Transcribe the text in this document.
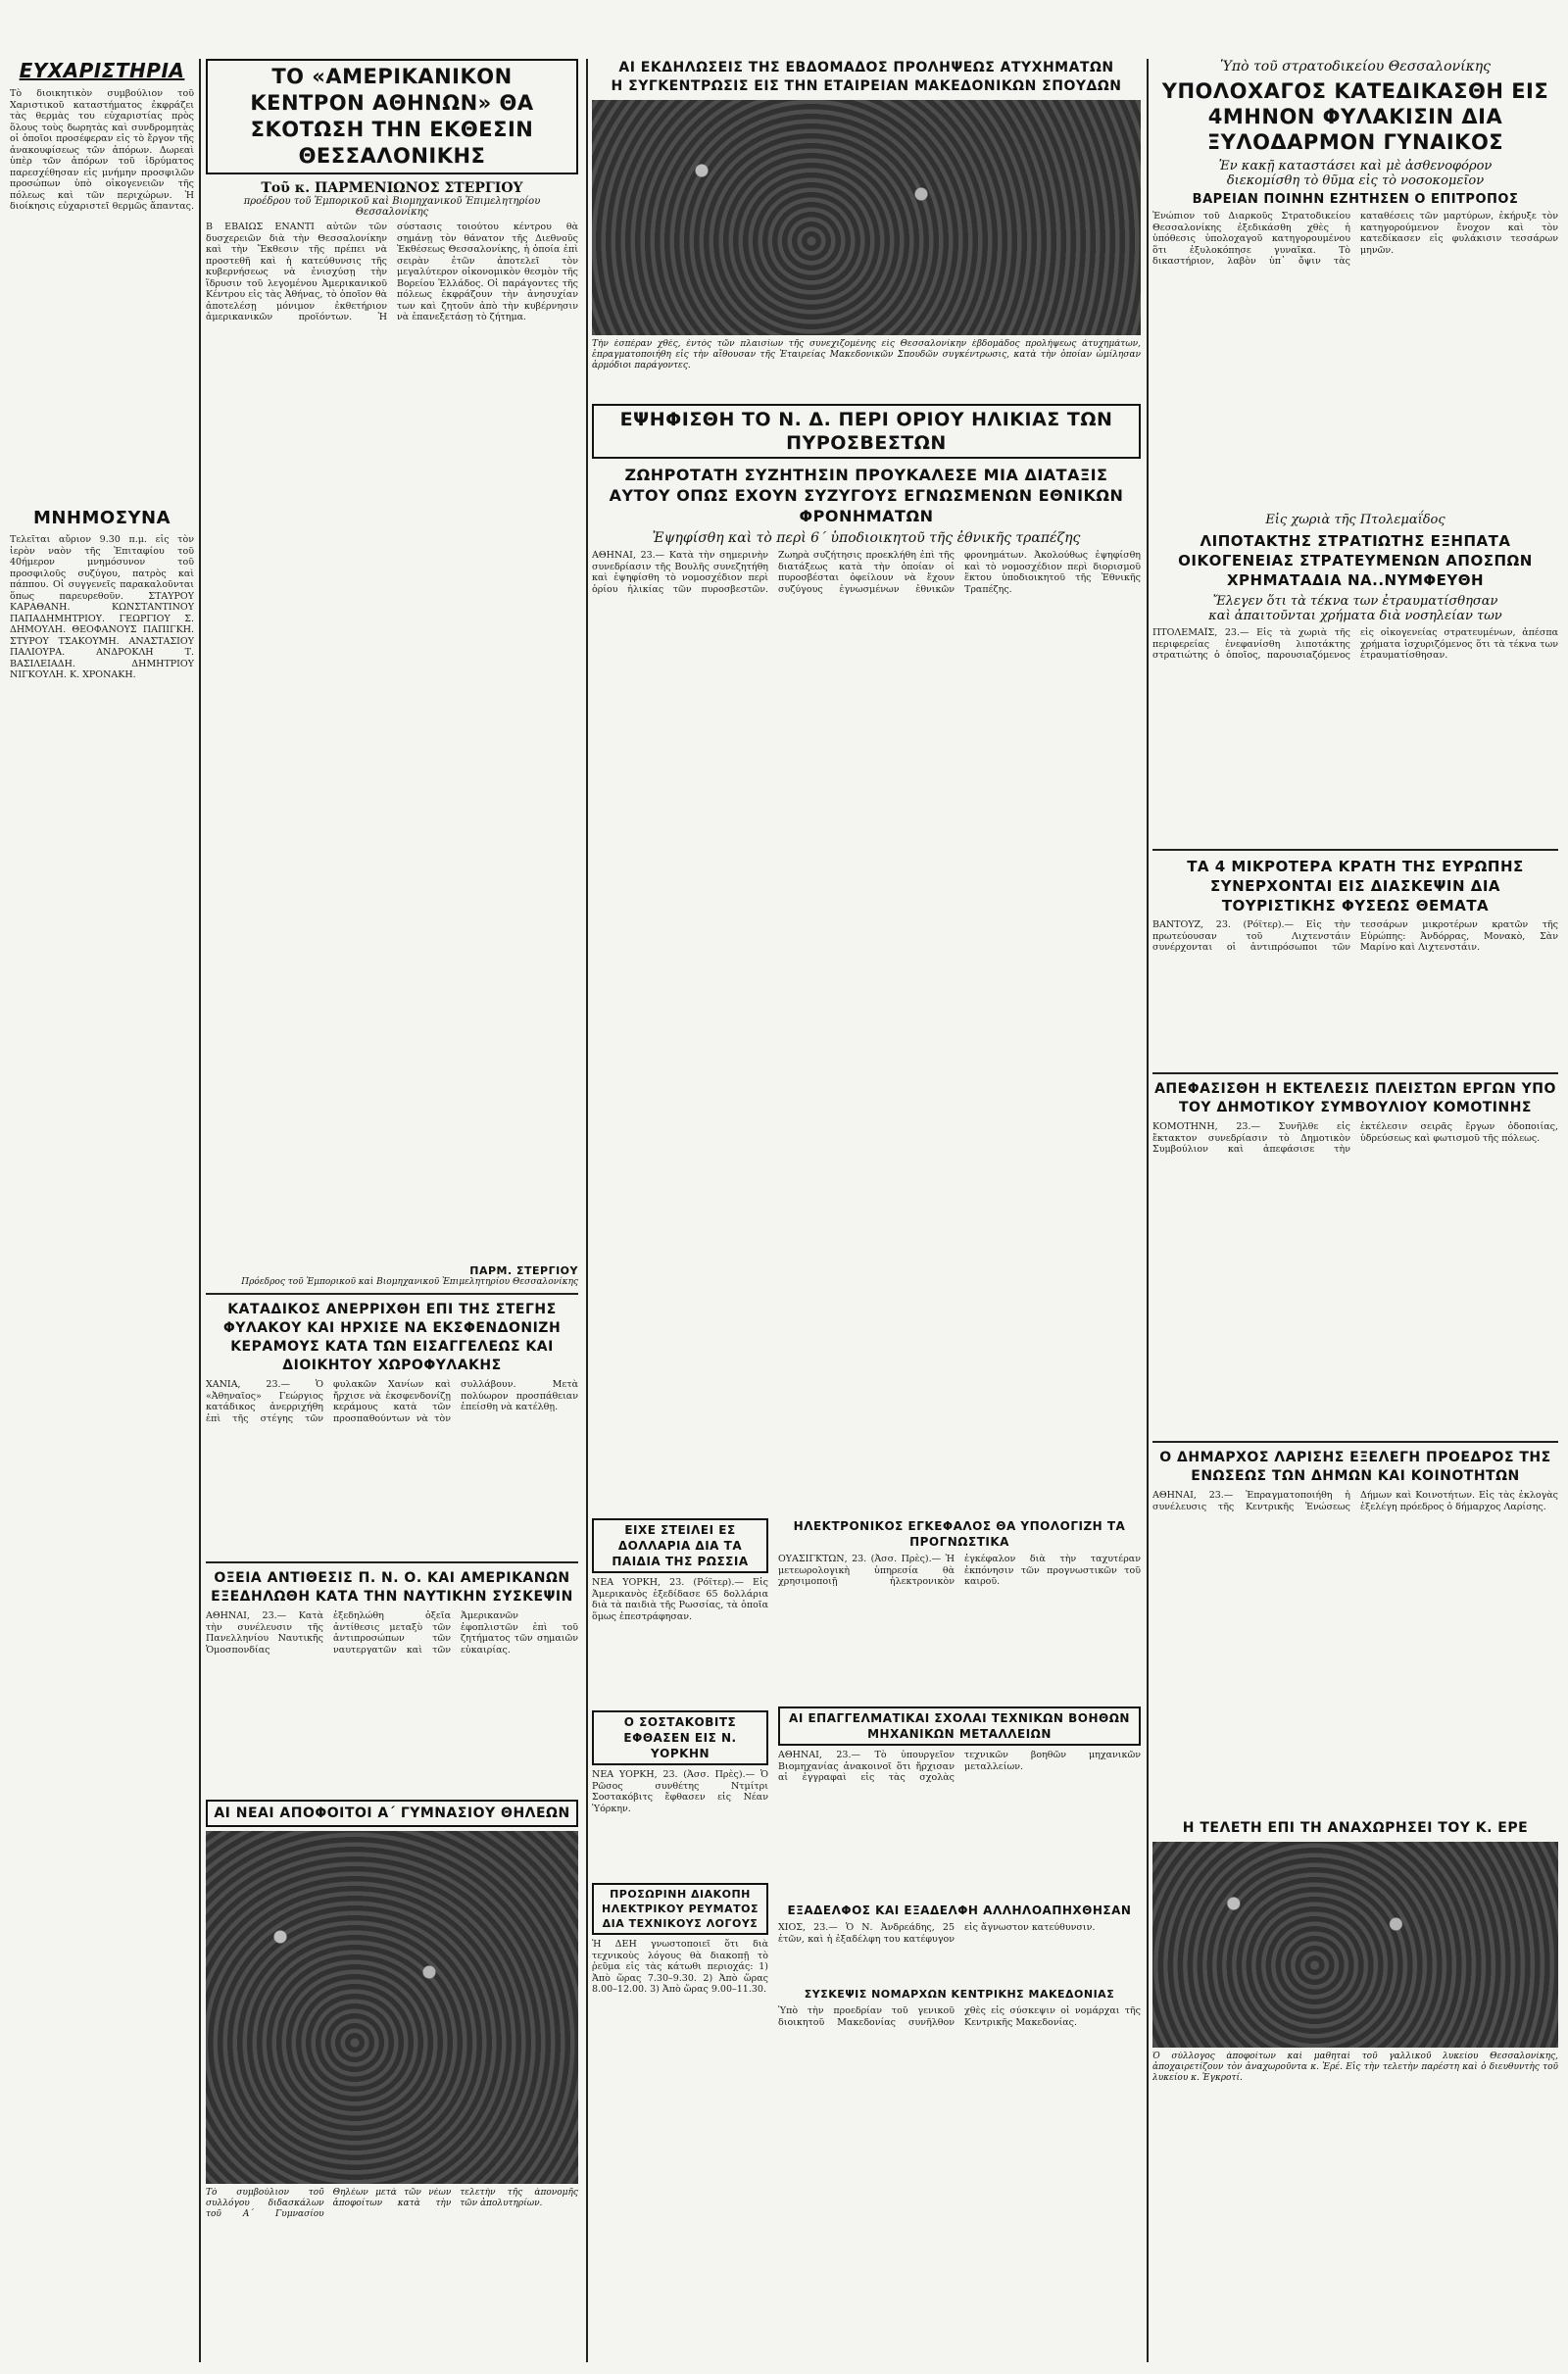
ΕΥΧΑΡΙΣΤΗΡΙΑ
Τὸ διοικητικὸν συμβούλιον τοῦ Χαριστικοῦ καταστήματος ἐκφράζει τὰς θερμὰς του εὐχαριστίας πρὸς ὅλους τοὺς δωρητὰς καὶ συνδρομητὰς οἱ ὁποῖοι προσέφεραν εἰς τὸ ἔργον τῆς ἀνακουφίσεως τῶν ἀπόρων. Δωρεαὶ ὑπὲρ τῶν ἀπόρων τοῦ ἱδρύματος παρεσχέθησαν εἰς μνήμην προσφιλῶν προσώπων ὑπὸ οἰκογενειῶν τῆς πόλεως καὶ τῶν περιχώρων. Ἡ διοίκησις εὐχαριστεῖ θερμῶς ἅπαντας.
ΜΝΗΜΟΣΥΝΑ
Τελεῖται αὔριον 9.30 π.μ. εἰς τὸν ἱερὸν ναὸν τῆς Ἐπιταφίου τοῦ 40ήμερον μνημόσυνον τοῦ προσφιλοῦς συζύγου, πατρὸς καὶ πάππου. Οἱ συγγενεῖς παρακαλοῦνται ὅπως παρευρεθοῦν. ΣΤΑΥΡΟΥ ΚΑΡΑΘΑΝΗ. ΚΩΝΣΤΑΝΤΙΝΟΥ ΠΑΠΑΔΗΜΗΤΡΙΟΥ. ΓΕΩΡΓΙΟΥ Σ. ΔΗΜΟΥΛΗ. ΘΕΟΦΑΝΟΥΣ ΠΑΠΙΓΚΗ. ΣΤΥΡΟΥ ΤΣΑΚΟΥΜΗ. ΑΝΑΣΤΑΣΙΟΥ ΠΑΛΙΟΥΡΑ. ΑΝΔΡΟΚΛΗ Τ. ΒΑΣΙΛΕΙΑΔΗ. ΔΗΜΗΤΡΙΟΥ ΝΙΓΚΟΥΛΗ. Κ. ΧΡΟΝΑΚΗ.
ΤΟ «ΑΜΕΡΙΚΑΝΙΚΟΝ ΚΕΝΤΡΟΝ ΑΘΗΝΩΝ» ΘΑ ΣΚΟΤΩΣΗ ΤΗΝ ΕΚΘΕΣΙΝ ΘΕΣΣΑΛΟΝΙΚΗΣ
Τοῦ κ. ΠΑΡΜΕΝΙΩΝΟΣ ΣΤΕΡΓΙΟΥ
προέδρου τοῦ Ἐμπορικοῦ καὶ Βιομηχανικοῦ Ἐπιμελητηρίου Θεσσαλονίκης
Β ΕΒΑΙΩΣ ΕΝΑΝΤΙ αὐτῶν τῶν δυσχερειῶν διὰ τὴν Θεσσαλονίκην καὶ τὴν Ἔκθεσιν τῆς πρέπει νὰ προστεθῆ καὶ ἡ κατεύθυνσις τῆς κυβερνήσεως νὰ ἐνισχύσῃ τὴν ἵδρυσιν τοῦ λεγομένου Ἀμερικανικοῦ Κέντρου εἰς τὰς Ἀθήνας, τὸ ὁποῖον θὰ ἀποτελέσῃ μόνιμον ἐκθετήριον ἀμερικανικῶν προϊόντων. Ἡ σύστασις τοιούτου κέντρου θὰ σημάνῃ τὸν θάνατον τῆς Διεθνοῦς Ἐκθέσεως Θεσσαλονίκης, ἡ ὁποία ἐπὶ σειρὰν ἐτῶν ἀποτελεῖ τὸν μεγαλύτερον οἰκονομικὸν θεσμὸν τῆς Βορείου Ἑλλάδος. Οἱ παράγοντες τῆς πόλεως ἐκφράζουν τὴν ἀνησυχίαν των καὶ ζητοῦν ἀπὸ τὴν κυβέρνησιν νὰ ἐπανεξετάσῃ τὸ ζήτημα.
ΠΑΡΜ. ΣΤΕΡΓΙΟΥ
Πρόεδρος τοῦ Ἐμπορικοῦ καὶ Βιομηχανικοῦ Ἐπιμελητηρίου Θεσσαλονίκης
ΚΑΤΑΔΙΚΟΣ ΑΝΕΡΡΙΧΘΗ ΕΠΙ ΤΗΣ ΣΤΕΓΗΣ ΦΥΛΑΚΟΥ ΚΑΙ ΗΡΧΙΣΕ ΝΑ ΕΚΣΦΕΝΔΟΝΙΖΗ ΚΕΡΑΜΟΥΣ ΚΑΤΑ ΤΩΝ ΕΙΣΑΓΓΕΛΕΩΣ ΚΑΙ ΔΙΟΙΚΗΤΟΥ ΧΩΡΟΦΥΛΑΚΗΣ
ΧΑΝΙΑ, 23.— Ὁ «Ἀθηναῖος» Γεώργιος κατάδικος ἀνερριχήθη ἐπὶ τῆς στέγης τῶν φυλακῶν Χανίων καὶ ἤρχισε νὰ ἐκσφενδονίζῃ κεράμους κατὰ τῶν προσπαθούντων νὰ τὸν συλλάβουν. Μετὰ πολύωρον προσπάθειαν ἐπείσθη νὰ κατέλθῃ.
ΟΞΕΙΑ ΑΝΤΙΘΕΣΙΣ Π. Ν. Ο. ΚΑΙ ΑΜΕΡΙΚΑΝΩΝ ΕΞΕΔΗΛΩΘΗ ΚΑΤΑ ΤΗΝ ΝΑΥΤΙΚΗΝ ΣΥΣΚΕΨΙΝ
ΑΘΗΝΑΙ, 23.— Κατὰ τὴν συνέλευσιν τῆς Πανελληνίου Ναυτικῆς Ὁμοσπονδίας ἐξεδηλώθη ὀξεῖα ἀντίθεσις μεταξὺ τῶν ἀντιπροσώπων τῶν ναυτεργατῶν καὶ τῶν Ἀμερικανῶν ἐφοπλιστῶν ἐπὶ τοῦ ζητήματος τῶν σημαιῶν εὐκαιρίας.
ΑΙ ΝΕΑΙ ΑΠΟΦΟΙΤΟΙ Α΄ ΓΥΜΝΑΣΙΟΥ ΘΗΛΕΩΝ
Τὸ συμβούλιον τοῦ συλλόγου διδασκάλων τοῦ Α΄ Γυμνασίου Θηλέων μετὰ τῶν νέων ἀποφοίτων κατὰ τὴν τελετὴν τῆς ἀπονομῆς τῶν ἀπολυτηρίων.
ΑΙ ΕΚΔΗΛΩΣΕΙΣ ΤΗΣ ΕΒΔΟΜΑΔΟΣ ΠΡΟΛΗΨΕΩΣ ΑΤΥΧΗΜΑΤΩΝ
Η ΣΥΓΚΕΝΤΡΩΣΙΣ ΕΙΣ ΤΗΝ ΕΤΑΙΡΕΙΑΝ ΜΑΚΕΔΟΝΙΚΩΝ ΣΠΟΥΔΩΝ
Τὴν ἑσπέραν χθές, ἐντὸς τῶν πλαισίων τῆς συνεχιζομένης εἰς Θεσσαλονίκην ἑβδομάδος προλήψεως ἀτυχημάτων, ἐπραγματοποιήθη εἰς τὴν αἴθουσαν τῆς Ἑταιρείας Μακεδονικῶν Σπουδῶν συγκέντρωσις, κατὰ τὴν ὁποίαν ὡμίλησαν ἁρμόδιοι παράγοντες.
ΕΨΗΦΙΣΘΗ ΤΟ Ν. Δ. ΠΕΡΙ ΟΡΙΟΥ ΗΛΙΚΙΑΣ ΤΩΝ ΠΥΡΟΣΒΕΣΤΩΝ
ΖΩΗΡΟΤΑΤΗ ΣΥΖΗΤΗΣΙΝ ΠΡΟΥΚΑΛΕΣΕ ΜΙΑ ΔΙΑΤΑΞΙΣ ΑΥΤΟΥ ΟΠΩΣ ΕΧΟΥΝ ΣΥΖΥΓΟΥΣ ΕΓΝΩΣΜΕΝΩΝ ΕΘΝΙΚΩΝ ΦΡΟΝΗΜΑΤΩΝ
Ἐψηφίσθη καὶ τὸ περὶ 6΄ ὑποδιοικητοῦ τῆς ἐθνικῆς τραπέζης
ΑΘΗΝΑΙ, 23.— Κατὰ τὴν σημερινὴν συνεδρίασιν τῆς Βουλῆς συνεζητήθη καὶ ἐψηφίσθη τὸ νομοσχέδιον περὶ ὁρίου ἡλικίας τῶν πυροσβεστῶν. Ζωηρὰ συζήτησις προεκλήθη ἐπὶ τῆς διατάξεως κατὰ τὴν ὁποίαν οἱ πυροσβέσται ὀφείλουν νὰ ἔχουν συζύγους ἐγνωσμένων ἐθνικῶν φρονημάτων. Ἀκολούθως ἐψηφίσθη καὶ τὸ νομοσχέδιον περὶ διορισμοῦ ἕκτου ὑποδιοικητοῦ τῆς Ἐθνικῆς Τραπέζης.
ΕΙΧΕ ΣΤΕΙΛΕΙ ΕΣ ΔΟΛΛΑΡΙΑ ΔΙΑ ΤΑ ΠΑΙΔΙΑ ΤΗΣ ΡΩΣΣΙΑ
ΝΕΑ ΥΟΡΚΗ, 23. (Ρόϊτερ).— Εἷς Ἀμερικανὸς ἐξεδίδασε 65 δολλάρια διὰ τὰ παιδιὰ τῆς Ρωσσίας, τὰ ὁποῖα ὅμως ἐπεστράφησαν.
Ο ΣΟΣΤΑΚΟΒΙΤΣ ΕΦΘΑΣΕΝ ΕΙΣ Ν. ΥΟΡΚΗΝ
ΝΕΑ ΥΟΡΚΗ, 23. (Ἀσσ. Πρὲς).— Ὁ Ρῶσος συνθέτης Ντμίτρι Σοστακόβιτς ἔφθασεν εἰς Νέαν Ὑόρκην.
ΠΡΟΣΩΡΙΝΗ ΔΙΑΚΟΠΗ ΗΛΕΚΤΡΙΚΟΥ ΡΕΥΜΑΤΟΣ ΔΙΑ ΤΕΧΝΙΚΟΥΣ ΛΟΓΟΥΣ
Ἡ ΔΕΗ γνωστοποιεῖ ὅτι διὰ τεχνικοὺς λόγους θὰ διακοπῇ τὸ ῥεῦμα εἰς τὰς κάτωθι περιοχάς: 1) Ἀπὸ ὥρας 7.30–9.30. 2) Ἀπὸ ὥρας 8.00–12.00. 3) Ἀπὸ ὥρας 9.00–11.30.
ΗΛΕΚΤΡΟΝΙΚΟΣ ΕΓΚΕΦΑΛΟΣ ΘΑ ΥΠΟΛΟΓΙΖΗ ΤΑ ΠΡΟΓΝΩΣΤΙΚΑ
ΟΥΑΣΙΓΚΤΩΝ, 23. (Ἀσσ. Πρὲς).— Ἡ μετεωρολογικὴ ὑπηρεσία θὰ χρησιμοποιῇ ἠλεκτρονικὸν ἐγκέφαλον διὰ τὴν ταχυτέραν ἐκπόνησιν τῶν προγνωστικῶν τοῦ καιροῦ.
ΑΙ ΕΠΑΓΓΕΛΜΑΤΙΚΑΙ ΣΧΟΛΑΙ ΤΕΧΝΙΚΩΝ ΒΟΗΘΩΝ ΜΗΧΑΝΙΚΩΝ ΜΕΤΑΛΛΕΙΩΝ
ΑΘΗΝΑΙ, 23.— Τὸ ὑπουργεῖον Βιομηχανίας ἀνακοινοῖ ὅτι ἤρχισαν αἱ ἐγγραφαὶ εἰς τὰς σχολὰς τεχνικῶν βοηθῶν μηχανικῶν μεταλλείων.
ΕΞΑΔΕΛΦΟΣ ΚΑΙ ΕΞΑΔΕΛΦΗ ΑΛΛΗΛΟΑΠΗΧΘΗΣΑΝ
ΧΙΟΣ, 23.— Ὁ Ν. Ἀνδρεάδης, 25 ἐτῶν, καὶ ἡ ἐξαδέλφη του κατέφυγον εἰς ἄγνωστον κατεύθυνσιν.
ΣΥΣΚΕΨΙΣ ΝΟΜΑΡΧΩΝ ΚΕΝΤΡΙΚΗΣ ΜΑΚΕΔΟΝΙΑΣ
Ὑπὸ τὴν προεδρίαν τοῦ γενικοῦ διοικητοῦ Μακεδονίας συνῆλθον χθὲς εἰς σύσκεψιν οἱ νομάρχαι τῆς Κεντρικῆς Μακεδονίας.
Ὑπὸ τοῦ στρατοδικείου Θεσσαλονίκης
ΥΠΟΛΟΧΑΓΟΣ ΚΑΤΕΔΙΚΑΣΘΗ ΕΙΣ 4ΜΗΝΟΝ ΦΥΛΑΚΙΣΙΝ ΔΙΑ ΞΥΛΟΔΑΡΜΟΝ ΓΥΝΑΙΚΟΣ
Ἐν κακῇ καταστάσει καὶ μὲ ἀσθενοφόρον
διεκομίσθη τὸ θῦμα εἰς τὸ νοσοκομεῖον
ΒΑΡΕΙΑΝ ΠΟΙΝΗΝ ΕΖΗΤΗΣΕΝ Ο ΕΠΙΤΡΟΠΟΣ
Ἐνώπιον τοῦ Διαρκοῦς Στρατοδικείου Θεσσαλονίκης ἐξεδικάσθη χθὲς ἡ ὑπόθεσις ὑπολοχαγοῦ κατηγορουμένου ὅτι ἐξυλοκόπησε γυναῖκα. Τὸ δικαστήριον, λαβὸν ὑπ᾽ ὄψιν τὰς καταθέσεις τῶν μαρτύρων, ἐκήρυξε τὸν κατηγορούμενον ἔνοχον καὶ τὸν κατεδίκασεν εἰς φυλάκισιν τεσσάρων μηνῶν.
Εἰς χωριὰ τῆς Πτολεμαΐδος
ΛΙΠΟΤΑΚΤΗΣ ΣΤΡΑΤΙΩΤΗΣ ΕΞΗΠΑΤΑ ΟΙΚΟΓΕΝΕΙΑΣ ΣΤΡΑΤΕΥΜΕΝΩΝ ΑΠΟΣΠΩΝ ΧΡΗΜΑΤΑΔΙΑ ΝΑ..ΝΥΜΦΕΥΘΗ
Ἔλεγεν ὅτι τὰ τέκνα των ἐτραυματίσθησαν
καὶ ἀπαιτοῦνται χρήματα διὰ νοσηλείαν των
ΠΤΟΛΕΜΑΪΣ, 23.— Εἰς τὰ χωριὰ τῆς περιφερείας ἐνεφανίσθη λιποτάκτης στρατιώτης ὁ ὁποῖος, παρουσιαζόμενος εἰς οἰκογενείας στρατευμένων, ἀπέσπα χρήματα ἰσχυριζόμενος ὅτι τὰ τέκνα των ἐτραυματίσθησαν.
ΤΑ 4 ΜΙΚΡΟΤΕΡΑ ΚΡΑΤΗ ΤΗΣ ΕΥΡΩΠΗΣ ΣΥΝΕΡΧΟΝΤΑΙ ΕΙΣ ΔΙΑΣΚΕΨΙΝ ΔΙΑ ΤΟΥΡΙΣΤΙΚΗΣ ΦΥΣΕΩΣ ΘΕΜΑΤΑ
ΒΑΝΤΟΥΖ, 23. (Ρόϊτερ).— Εἰς τὴν πρωτεύουσαν τοῦ Λιχτενστάιν συνέρχονται οἱ ἀντιπρόσωποι τῶν τεσσάρων μικροτέρων κρατῶν τῆς Εὐρώπης: Ἀνδόρρας, Μονακὸ, Σὰν Μαρίνο καὶ Λιχτενστάιν.
ΑΠΕΦΑΣΙΣΘΗ Η ΕΚΤΕΛΕΣΙΣ ΠΛΕΙΣΤΩΝ ΕΡΓΩΝ ΥΠΟ ΤΟΥ ΔΗΜΟΤΙΚΟΥ ΣΥΜΒΟΥΛΙΟΥ ΚΟΜΟΤΙΝΗΣ
ΚΟΜΟΤΗΝΗ, 23.— Συνῆλθε εἰς ἔκτακτον συνεδρίασιν τὸ Δημοτικὸν Συμβούλιον καὶ ἀπεφάσισε τὴν ἐκτέλεσιν σειρᾶς ἔργων ὁδοποιίας, ὑδρεύσεως καὶ φωτισμοῦ τῆς πόλεως.
Ο ΔΗΜΑΡΧΟΣ ΛΑΡΙΣΗΣ ΕΞΕΛΕΓΗ ΠΡΟΕΔΡΟΣ ΤΗΣ ΕΝΩΣΕΩΣ ΤΩΝ ΔΗΜΩΝ ΚΑΙ ΚΟΙΝΟΤΗΤΩΝ
ΑΘΗΝΑΙ, 23.— Ἐπραγματοποιήθη ἡ συνέλευσις τῆς Κεντρικῆς Ἑνώσεως Δήμων καὶ Κοινοτήτων. Εἰς τὰς ἐκλογὰς ἐξελέγη πρόεδρος ὁ δήμαρχος Λαρίσης.
Η ΤΕΛΕΤΗ ΕΠΙ ΤΗ ΑΝΑΧΩΡΗΣΕΙ ΤΟΥ Κ. ΕΡΕ
Ὁ σύλλογος ἀποφοίτων καὶ μαθηταὶ τοῦ γαλλικοῦ λυκείου Θεσσαλονίκης, ἀποχαιρετίζουν τὸν ἀναχωροῦντα κ. Ἐρέ. Εἰς τὴν τελετὴν παρέστη καὶ ὁ διευθυντὴς τοῦ λυκείου κ. Ἐγκροτί.
